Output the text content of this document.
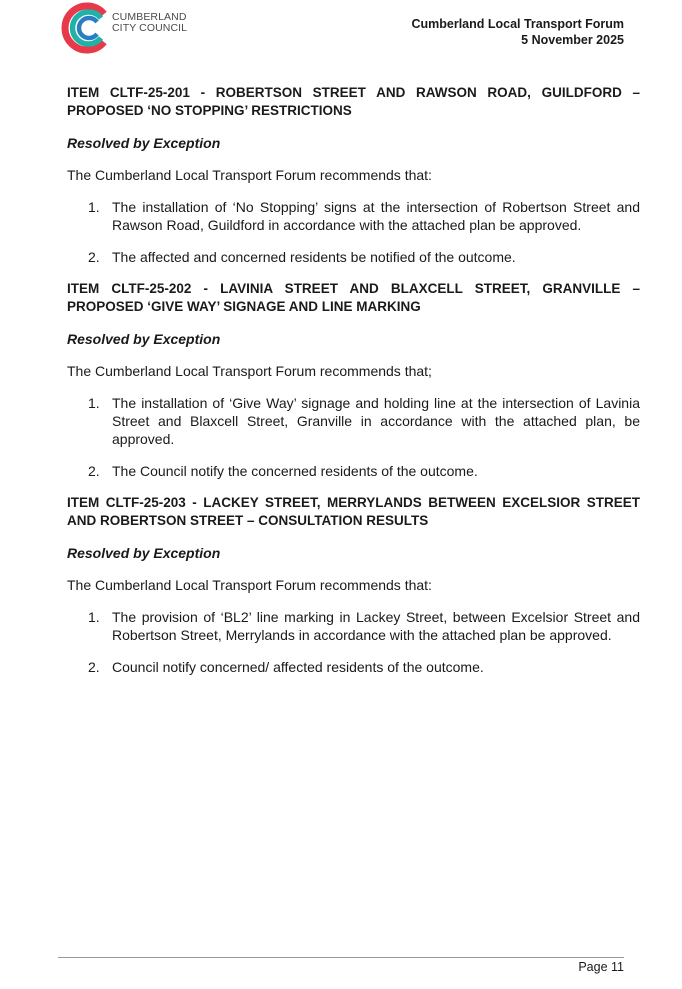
CUMBERLAND
CITY COUNCIL	Cumberland Local Transport Forum
5 November 2025

ITEM CLTF-25-201 - ROBERTSON STREET AND RAWSON ROAD, GUILDFORD – PROPOSED ‘NO STOPPING’ RESTRICTIONS

Resolved by Exception

The Cumberland Local Transport Forum recommends that:

1. The installation of ‘No Stopping’ signs at the intersection of Robertson Street and Rawson Road, Guildford in accordance with the attached plan be approved.
2. The affected and concerned residents be notified of the outcome.

ITEM CLTF-25-202 - LAVINIA STREET AND BLAXCELL STREET, GRANVILLE – PROPOSED ‘GIVE WAY’ SIGNAGE AND LINE MARKING

Resolved by Exception

The Cumberland Local Transport Forum recommends that;

1. The installation of ‘Give Way’ signage and holding line at the intersection of Lavinia Street and Blaxcell Street, Granville in accordance with the attached plan, be approved.
2. The Council notify the concerned residents of the outcome.

ITEM CLTF-25-203 - LACKEY STREET, MERRYLANDS BETWEEN EXCELSIOR STREET AND ROBERTSON STREET – CONSULTATION RESULTS

Resolved by Exception

The Cumberland Local Transport Forum recommends that:

1. The provision of ‘BL2’ line marking in Lackey Street, between Excelsior Street and Robertson Street, Merrylands in accordance with the attached plan be approved.
2. Council notify concerned/ affected residents of the outcome.
Page 11
